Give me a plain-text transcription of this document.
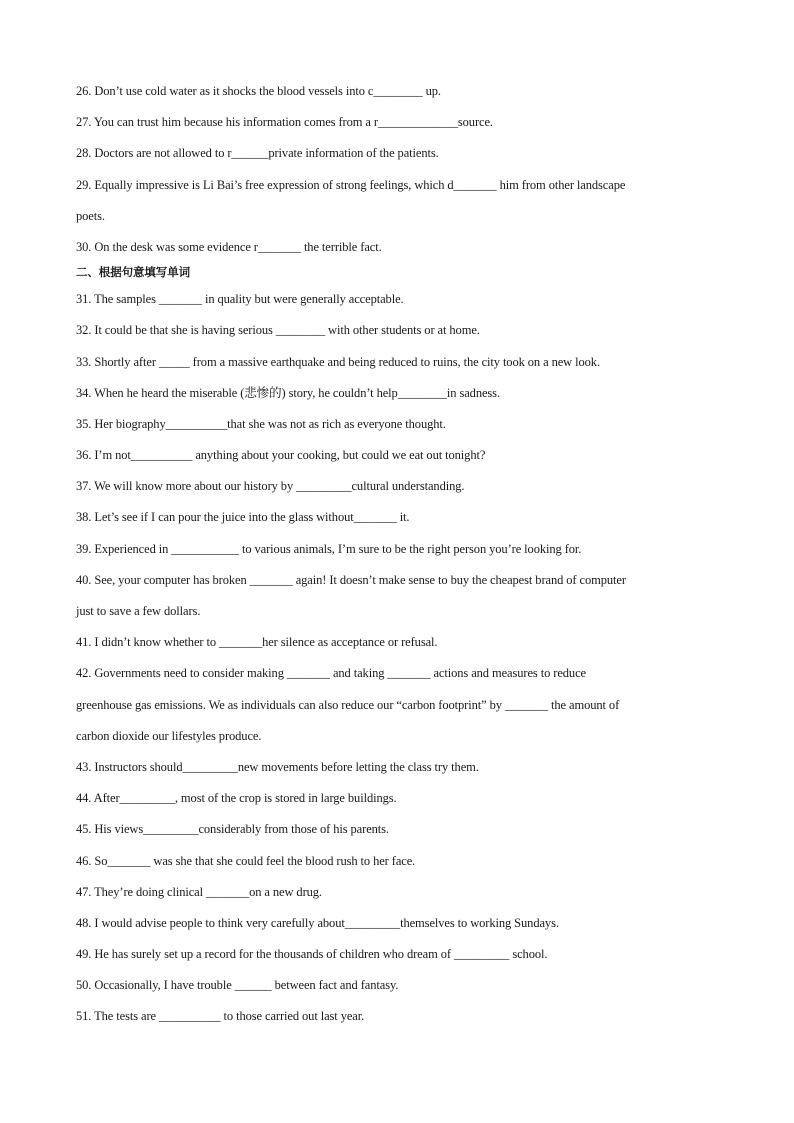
26. Don’t use cold water as it shocks the blood vessels into c________ up.
27. You can trust him because his information comes from a r_____________source.
28. Doctors are not allowed to r______private information of the patients.
29. Equally impressive is Li Bai’s free expression of strong feelings, which d_______ him from other landscape
poets.
30. On the desk was some evidence r_______ the terrible fact.
二、根据句意填写单词
31. The samples _______ in quality but were generally acceptable.
32. It could be that she is having serious ________ with other students or at home.
33. Shortly after _____ from a massive earthquake and being reduced to ruins, the city took on a new look.
34. When he heard the miserable (悲惨的) story, he couldn’t help________in sadness.
35. Her biography__________that she was not as rich as everyone thought.
36. I’m not__________ anything about your cooking, but could we eat out tonight?
37. We will know more about our history by _________cultural understanding.
38. Let’s see if I can pour the juice into the glass without_______ it.
39. Experienced in ___________ to various animals, I’m sure to be the right person you’re looking for.
40. See, your computer has broken _______ again! It doesn’t make sense to buy the cheapest brand of computer
just to save a few dollars.
41. I didn’t know whether to _______her silence as acceptance or refusal.
42. Governments need to consider making _______ and taking _______ actions and measures to reduce
greenhouse gas emissions. We as individuals can also reduce our “carbon footprint” by _______ the amount of
carbon dioxide our lifestyles produce.
43. Instructors should_________new movements before letting the class try them.
44. After_________, most of the crop is stored in large buildings.
45. His views_________considerably from those of his parents.
46. So_______ was she that she could feel the blood rush to her face.
47. They’re doing clinical _______on a new drug.
48. I would advise people to think very carefully about_________themselves to working Sundays.
49. He has surely set up a record for the thousands of children who dream of _________ school.
50. Occasionally, I have trouble ______ between fact and fantasy.
51. The tests are __________ to those carried out last year.
